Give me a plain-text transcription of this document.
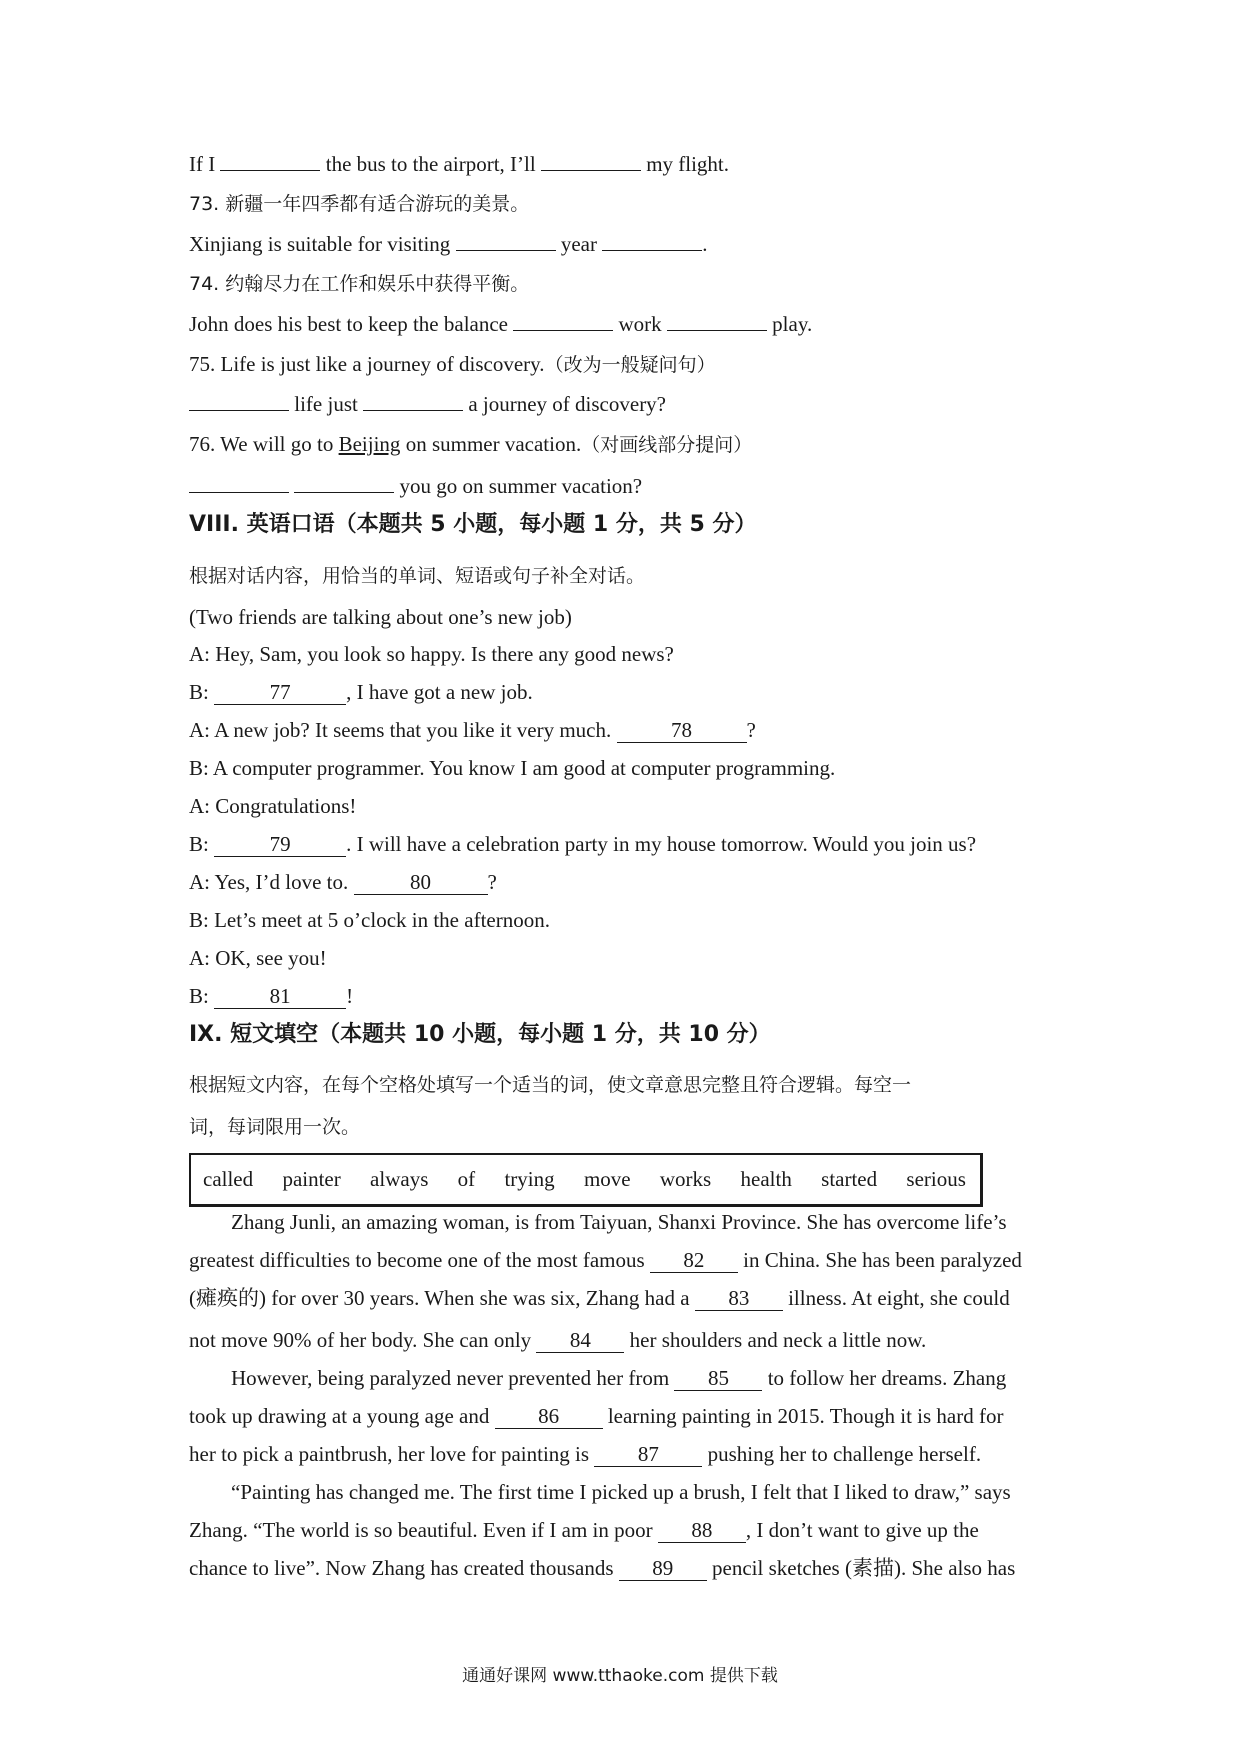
If I	the bus to the airport, I’ll	my flight.
73. 新疆一年四季都有适合游玩的美景。
Xinjiang is suitable for visiting	year	.
74. 约翰尽力在工作和娱乐中获得平衡。
John does his best to keep the balance	work	play.
75. Life is just like a journey of discovery.（改为一般疑问句）
life just	a journey of discovery?
76. We will go to Beijing on summer vacation.（对画线部分提问）
you go on summer vacation?
VIII. 英语口语（本题共 5 小题，每小题 1 分，共 5 分）
根据对话内容，用恰当的单词、短语或句子补全对话。
(Two friends are talking about one’s new job)
A: Hey, Sam, you look so happy. Is there any good news?
B:	77	, I have got a new job.
A: A new job? It seems that you like it very much.	78	?
B: A computer programmer. You know I am good at computer programming.
A: Congratulations!
B:	79	. I will have a celebration party in my house tomorrow. Would you join us?
A: Yes, I’d love to.	80	?
B: Let’s meet at 5 o’clock in the afternoon.
A: OK, see you!
B:	81	!
IX. 短文填空（本题共 10 小题，每小题 1 分，共 10 分）
根据短文内容，在每个空格处填写一个适当的词，使文章意思完整且符合逻辑。每空一
词，每词限用一次。
called painter always of trying move works health started serious
Zhang Junli, an amazing woman, is from Taiyuan, Shanxi Province. She has overcome life’s
greatest difficulties to become one of the most famous 82 in China. She has been paralyzed
(瘫痪的) for over 30 years. When she was six, Zhang had a 83 illness. At eight, she could
not move 90% of her body. She can only 84 her shoulders and neck a little now.
However, being paralyzed never prevented her from 85 to follow her dreams. Zhang
took up drawing at a young age and 86 learning painting in 2015. Though it is hard for
her to pick a paintbrush, her love for painting is 87 pushing her to challenge herself.
“Painting has changed me. The first time I picked up a brush, I felt that I liked to draw,” says
Zhang. “The world is so beautiful. Even if I am in poor 88 , I don’t want to give up the
chance to live”. Now Zhang has created thousands 89 pencil sketches (素描). She also has
通通好课网 www.tthaoke.com 提供下载
